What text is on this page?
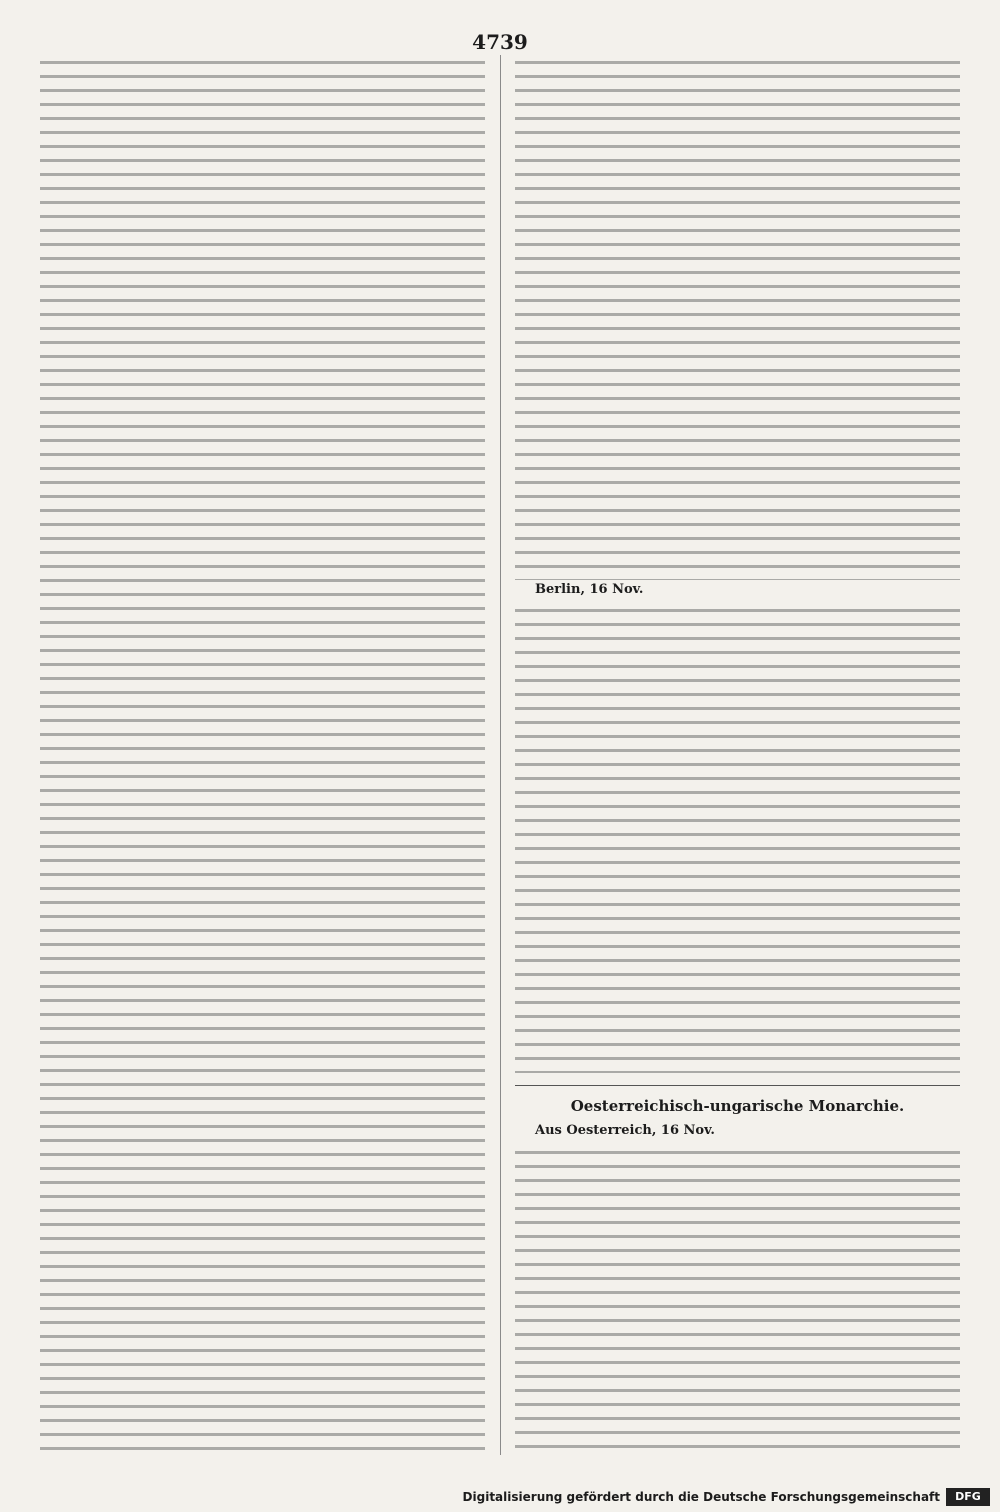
4739
Berlin, 16 Nov.
Oesterreichisch-ungarische Monarchie.
Aus Oesterreich, 16 Nov.
Digitalisierung gefördert durch die Deutsche Forschungsgemeinschaft	DFG
